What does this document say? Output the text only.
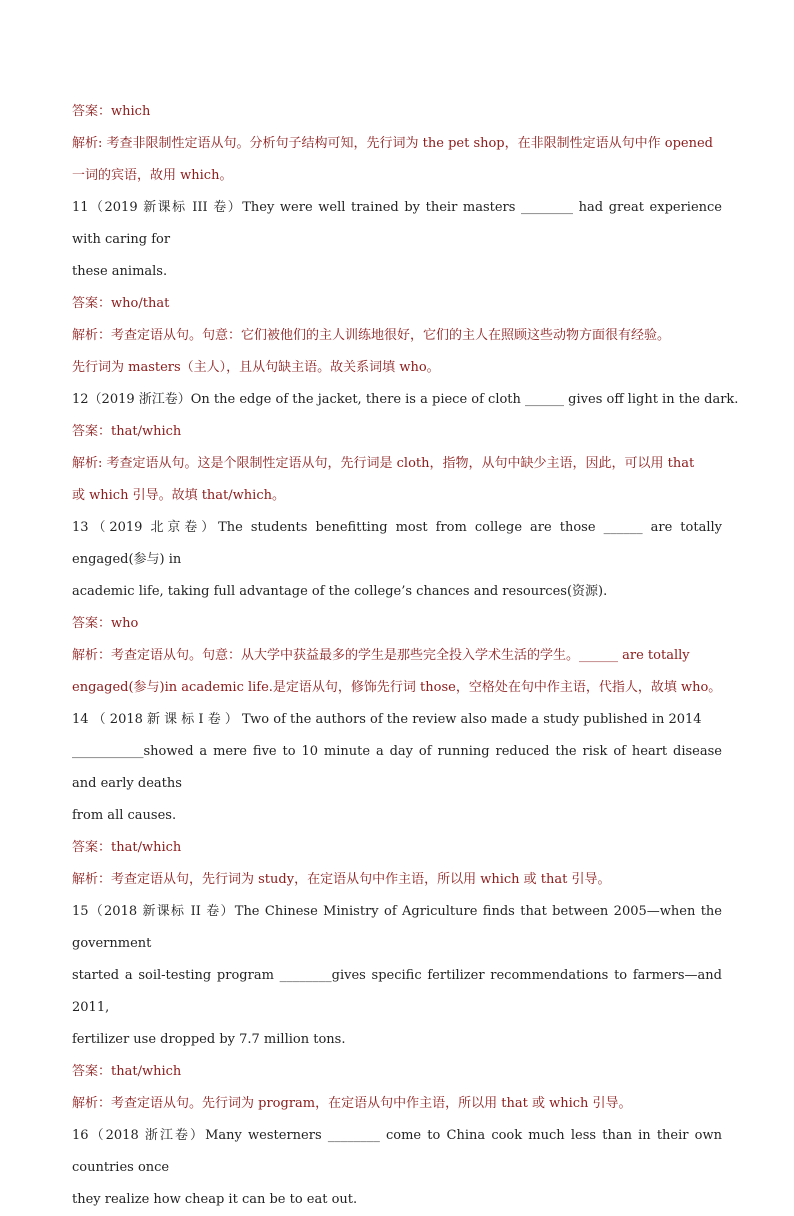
答案：which
解析: 考查非限制性定语从句。分析句子结构可知，先行词为 the pet shop，在非限制性定语从句中作 opened
一词的宾语，故用 which。
11（2019 新课标 III 卷）They were well trained by their masters ________ had great experience with caring for
these animals.
答案：who/that
解析：考查定语从句。句意：它们被他们的主人训练地很好，它们的主人在照顾这些动物方面很有经验。
先行词为 masters（主人），且从句缺主语。故关系词填 who。
12（2019 浙江卷）On the edge of the jacket, there is a piece of cloth ______ gives off light in the dark.
答案：that/which
解析: 考查定语从句。这是个限制性定语从句，先行词是 cloth，指物，从句中缺少主语，因此，可以用 that
或 which 引导。故填 that/which。
13（2019 北京卷）The students benefitting most from college are those ______ are totally engaged(参与) in
academic life, taking full advantage of the college’s chances and resources(资源).
答案：who
解析：考查定语从句。句意：从大学中获益最多的学生是那些完全投入学术生活的学生。______ are totally
engaged(参与)in academic life.是定语从句，修饰先行词 those，空格处在句中作主语，代指人，故填 who。
14 （ 2018 新 课 标 I 卷 ） Two of the authors of the review also made a study published in 2014
___________showed a mere five to 10 minute a day of running reduced the risk of heart disease and early deaths
from all causes.
答案：that/which
解析：考查定语从句，先行词为 study，在定语从句中作主语，所以用 which 或 that 引导。
15（2018 新课标 II 卷）The Chinese Ministry of Agriculture finds that between 2005—when the government
started a soil-testing program ________gives specific fertilizer recommendations to farmers—and 2011,
fertilizer use dropped by 7.7 million tons.
答案：that/which
解析：考查定语从句。先行词为 program，在定语从句中作主语，所以用 that 或 which 引导。
16（2018 浙江卷）Many westerners ________ come to China cook much less than in their own countries once
they realize how cheap it can be to eat out.
